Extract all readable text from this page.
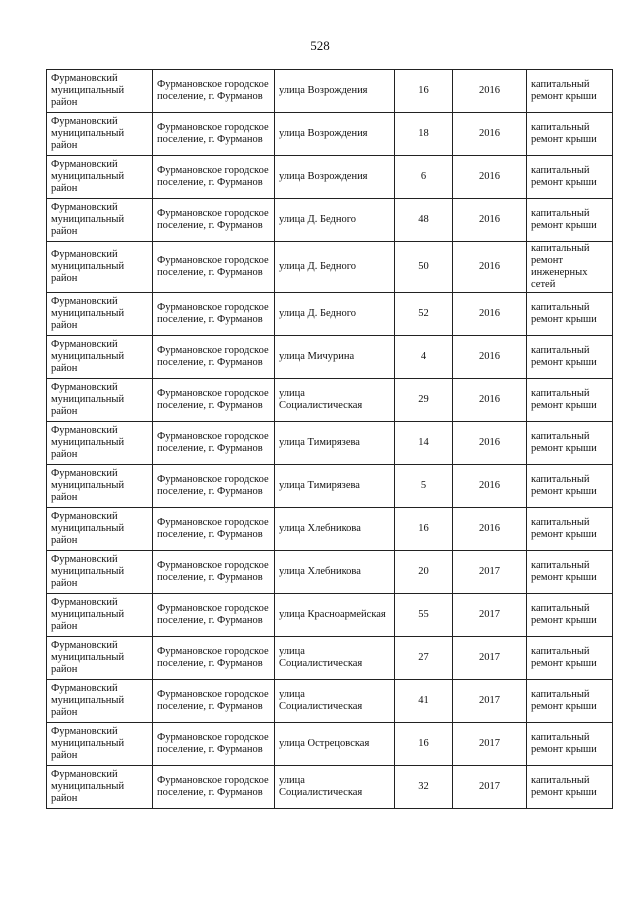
528
Фурмановский муниципальный район	Фурмановское городское поселение, г. Фурманов	улица Возрождения	16	2016	капитальный ремонт крыши
Фурмановский муниципальный район	Фурмановское городское поселение, г. Фурманов	улица Возрождения	18	2016	капитальный ремонт крыши
Фурмановский муниципальный район	Фурмановское городское поселение, г. Фурманов	улица Возрождения	6	2016	капитальный ремонт крыши
Фурмановский муниципальный район	Фурмановское городское поселение, г. Фурманов	улица Д. Бедного	48	2016	капитальный ремонт крыши
Фурмановский муниципальный район	Фурмановское городское поселение, г. Фурманов	улица Д. Бедного	50	2016	капитальный ремонт инженерных сетей
Фурмановский муниципальный район	Фурмановское городское поселение, г. Фурманов	улица Д. Бедного	52	2016	капитальный ремонт крыши
Фурмановский муниципальный район	Фурмановское городское поселение, г. Фурманов	улица Мичурина	4	2016	капитальный ремонт крыши
Фурмановский муниципальный район	Фурмановское городское поселение, г. Фурманов	улица Социалистическая	29	2016	капитальный ремонт крыши
Фурмановский муниципальный район	Фурмановское городское поселение, г. Фурманов	улица Тимирязева	14	2016	капитальный ремонт крыши
Фурмановский муниципальный район	Фурмановское городское поселение, г. Фурманов	улица Тимирязева	5	2016	капитальный ремонт крыши
Фурмановский муниципальный район	Фурмановское городское поселение, г. Фурманов	улица Хлебникова	16	2016	капитальный ремонт крыши
Фурмановский муниципальный район	Фурмановское городское поселение, г. Фурманов	улица Хлебникова	20	2017	капитальный ремонт крыши
Фурмановский муниципальный район	Фурмановское городское поселение, г. Фурманов	улица Красноармейская	55	2017	капитальный ремонт крыши
Фурмановский муниципальный район	Фурмановское городское поселение, г. Фурманов	улица Социалистическая	27	2017	капитальный ремонт крыши
Фурмановский муниципальный район	Фурмановское городское поселение, г. Фурманов	улица Социалистическая	41	2017	капитальный ремонт крыши
Фурмановский муниципальный район	Фурмановское городское поселение, г. Фурманов	улица Острецовская	16	2017	капитальный ремонт крыши
Фурмановский муниципальный район	Фурмановское городское поселение, г. Фурманов	улица Социалистическая	32	2017	капитальный ремонт крыши
